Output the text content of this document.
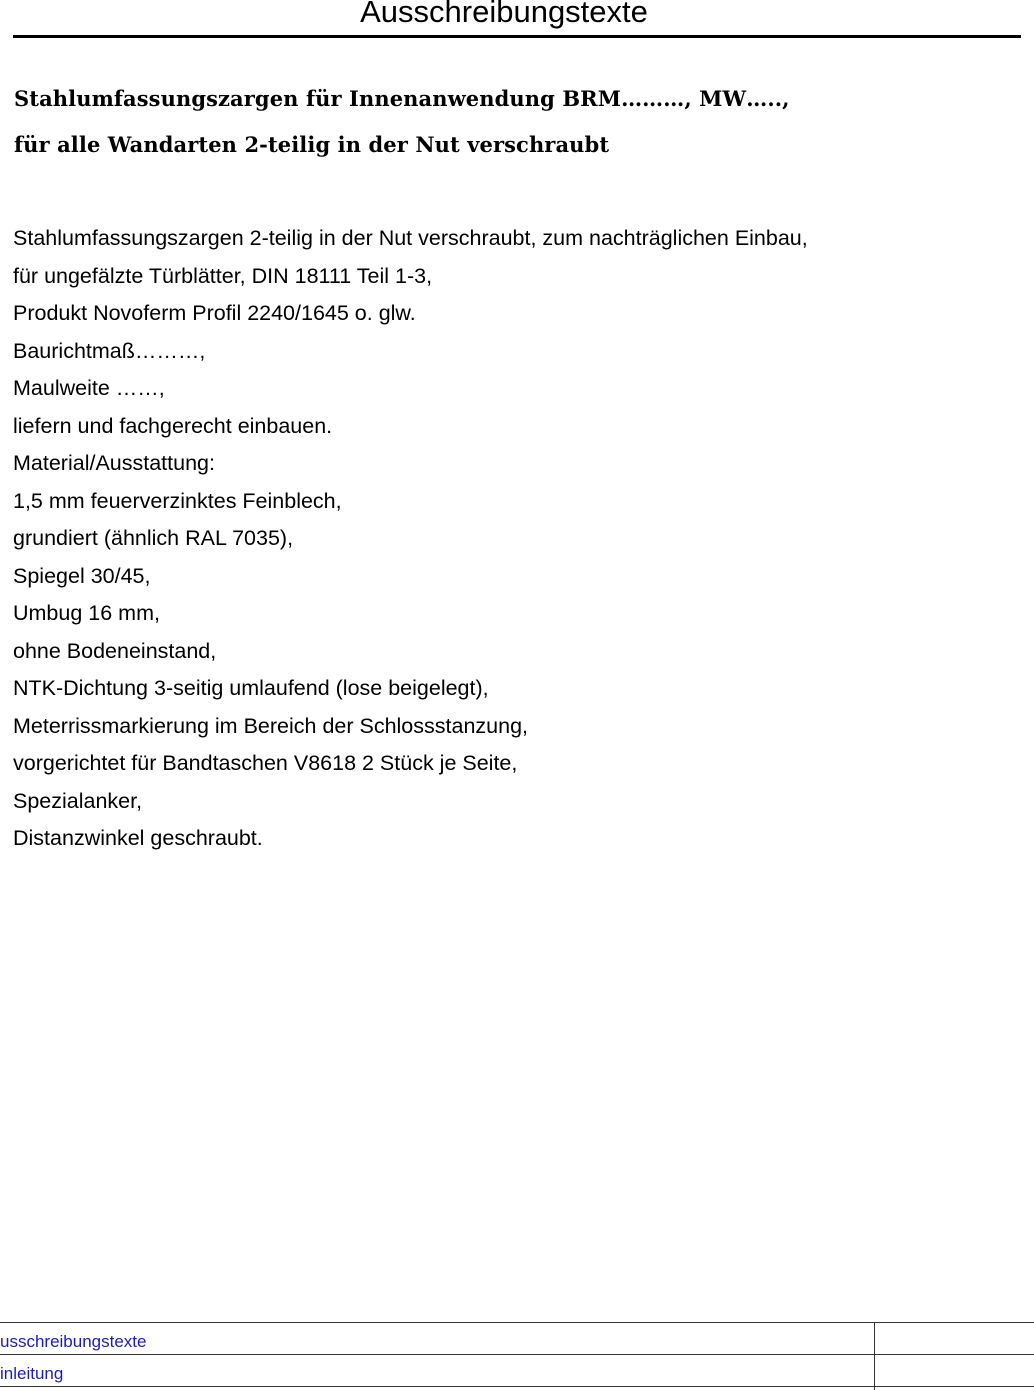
Ausschreibungstexte
Stahlumfassungszargen für Innenanwendung BRM………, MW…..,
für alle Wandarten 2-teilig in der Nut verschraubt
Stahlumfassungszargen 2-teilig in der Nut verschraubt, zum nachträglichen Einbau,
für ungefälzte Türblätter, DIN 18111 Teil 1-3,
Produkt Novoferm Profil 2240/1645 o. glw.
Baurichtmaß………,
Maulweite ……,
liefern und fachgerecht einbauen.
Material/Ausstattung:
1,5 mm feuerverzinktes Feinblech,
grundiert (ähnlich RAL 7035),
Spiegel 30/45,
Umbug 16 mm,
ohne Bodeneinstand,
NTK-Dichtung 3-seitig umlaufend (lose beigelegt),
Meterrissmarkierung im Bereich der Schlossstanzung,
vorgerichtet für Bandtaschen V8618 2 Stück je Seite,
Spezialanker,
Distanzwinkel geschraubt.
usschreibungstexte
inleitung
